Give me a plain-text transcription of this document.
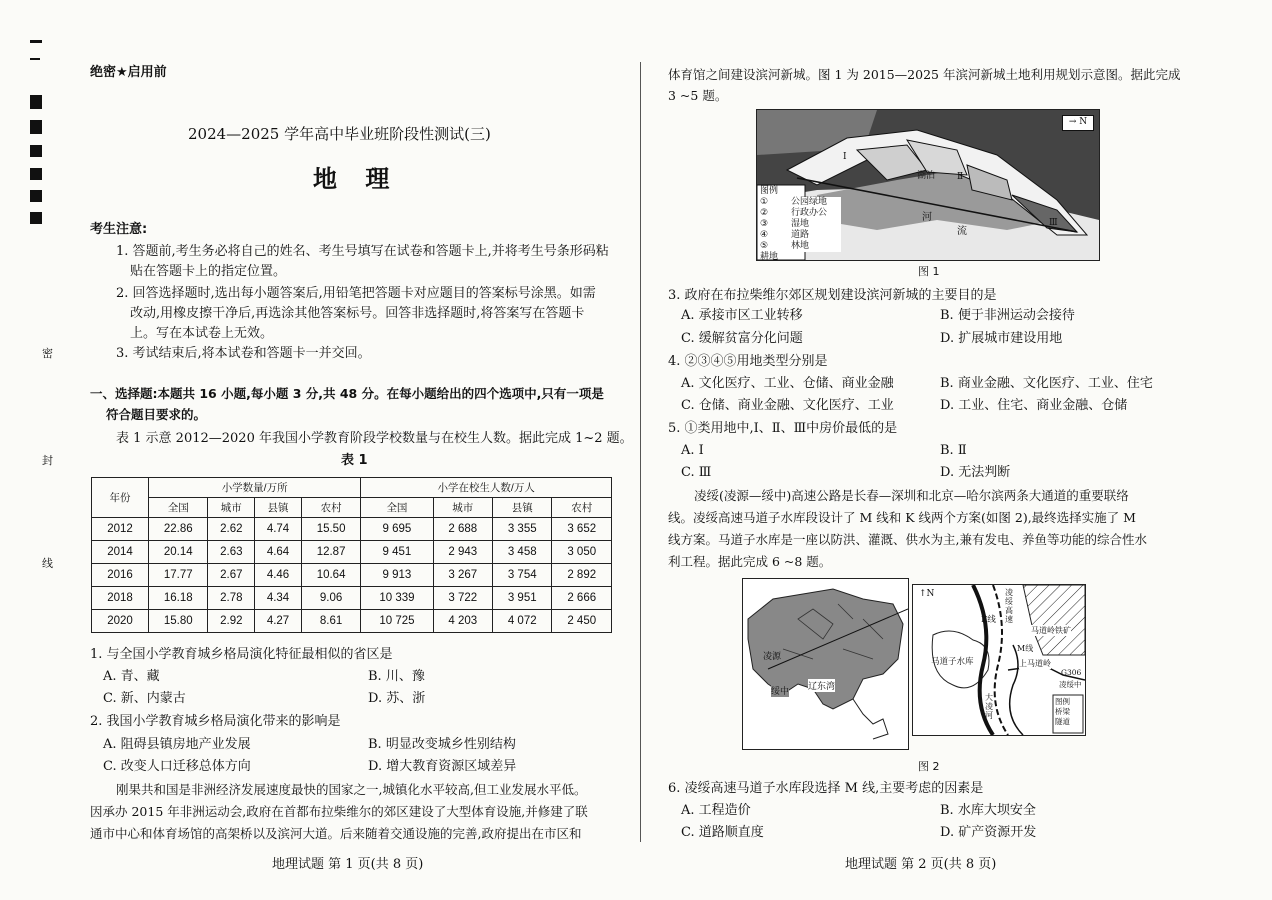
密
封
线
绝密★启用前
2024—2025 学年高中毕业班阶段性测试(三)
地 理
考生注意:
1. 答题前,考生务必将自己的姓名、考生号填写在试卷和答题卡上,并将考生号条形码粘
贴在答题卡上的指定位置。
2. 回答选择题时,选出每小题答案后,用铅笔把答题卡对应题目的答案标号涂黑。如需
改动,用橡皮擦干净后,再选涂其他答案标号。回答非选择题时,将答案写在答题卡
上。写在本试卷上无效。
3. 考试结束后,将本试卷和答题卡一并交回。
一、选择题:本题共 16 小题,每小题 3 分,共 48 分。在每小题给出的四个选项中,只有一项是
符合题目要求的。
表 1 示意 2012—2020 年我国小学教育阶段学校数量与在校生人数。据此完成 1~2 题。
表 1
年份	小学数量/万所				小学在校生人数/万人			
	全国	城市	县镇	农村	全国	城市	县镇	农村
2012	22.86	2.62	4.74	15.50	9 695	2 688	3 355	3 652
2014	20.14	2.63	4.64	12.87	9 451	2 943	3 458	3 050
2016	17.77	2.67	4.46	10.64	9 913	3 267	3 754	2 892
2018	16.18	2.78	4.34	9.06	10 339	3 722	3 951	2 666
2020	15.80	2.92	4.27	8.61	10 725	4 203	4 072	2 450
1. 与全国小学教育城乡格局演化特征最相似的省区是
A. 青、藏	B. 川、豫
C. 新、内蒙古	D. 苏、浙
2. 我国小学教育城乡格局演化带来的影响是
A. 阻碍县镇房地产业发展	B. 明显改变城乡性别结构
C. 改变人口迁移总体方向	D. 增大教育资源区域差异
刚果共和国是非洲经济发展速度最快的国家之一,城镇化水平较高,但工业发展水平低。
因承办 2015 年非洲运动会,政府在首都布拉柴维尔的郊区建设了大型体育设施,并修建了联
通市中心和体育场馆的高架桥以及滨河大道。后来随着交通设施的完善,政府提出在市区和
地理试题 第 1 页(共 8 页)
体育馆之间建设滨河新城。图 1 为 2015—2025 年滨河新城土地利用规划示意图。据此完成
3 ~5 题。
→ N
图例
①
②
③
④
⑤
耕地
公园绿地
行政办公
湿地
道路
林地
Ⅰ
Ⅱ
Ⅲ
湖泊
河
流
图 1
3. 政府在布拉柴维尔郊区规划建设滨河新城的主要目的是
A. 承接市区工业转移	B. 便于非洲运动会接待
C. 缓解贫富分化问题	D. 扩展城市建设用地
4. ②③④⑤用地类型分别是
A. 文化医疗、工业、仓储、商业金融	B. 商业金融、文化医疗、工业、住宅
C. 仓储、商业金融、文化医疗、工业	D. 工业、住宅、商业金融、仓储
5. ①类用地中,Ⅰ、Ⅱ、Ⅲ中房价最低的是
A. Ⅰ	B. Ⅱ
C. Ⅲ	D. 无法判断
凌绥(凌源—绥中)高速公路是长春—深圳和北京—哈尔滨两条大通道的重要联络
线。凌绥高速马道子水库段设计了 M 线和 K 线两个方案(如图 2),最终选择实施了 M
线方案。马道子水库是一座以防洪、灌溉、供水为主,兼有发电、养鱼等功能的综合性水
利工程。据此完成 6 ~8 题。
凌源
绥中 辽东湾
↑N
马道子水库
K线
M线
凌绥高速
马道岭铁矿
上马道岭
G306
凌绥中
大凌河
图例
桥梁
隧道
图 2
6. 凌绥高速马道子水库段选择 M 线,主要考虑的因素是
A. 工程造价	B. 水库大坝安全
C. 道路顺直度	D. 矿产资源开发
地理试题 第 2 页(共 8 页)
